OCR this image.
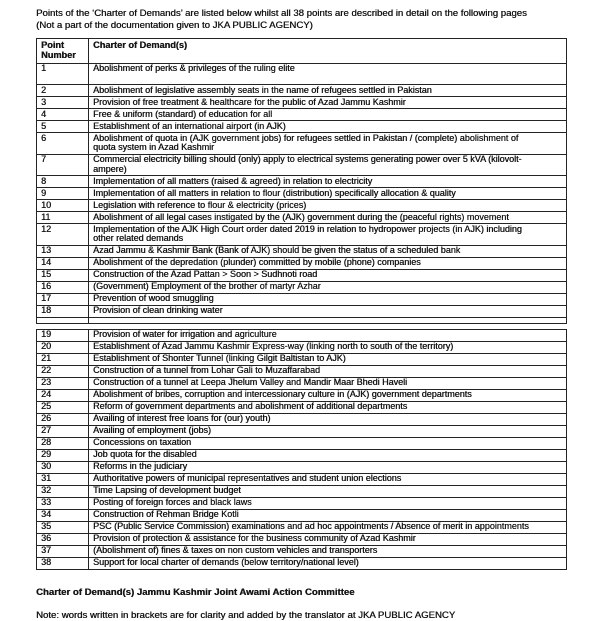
Points of the ‘Charter of Demands’ are listed below whilst all 38 points are described in detail on the following pages (Not a part of the documentation given to JKA PUBLIC AGENCY)

Point Number	Charter of Demand(s)
1	Abolishment of perks & privileges of the ruling elite
2	Abolishment of legislative assembly seats in the name of refugees settled in Pakistan
3	Provision of free treatment & healthcare for the public of Azad Jammu Kashmir
4	Free & uniform (standard) of education for all
5	Establishment of an international airport (in AJK)
6	Abolishment of quota in (AJK government jobs) for refugees settled in Pakistan / (complete) abolishment of quota system in Azad Kashmir
7	Commercial electricity billing should (only) apply to electrical systems generating power over 5 kVA (kilovolt-ampere)
8	Implementation of all matters (raised & agreed) in relation to electricity
9	Implementation of all matters in relation to flour (distribution) specifically allocation & quality
10	Legislation with reference to flour & electricity (prices)
11	Abolishment of all legal cases instigated by the (AJK) government during the (peaceful rights) movement
12	Implementation of the AJK High Court order dated 2019 in relation to hydropower projects (in AJK) including other related demands
13	Azad Jammu & Kashmir Bank (Bank of AJK) should be given the status of a scheduled bank
14	Abolishment of the depredation (plunder) committed by mobile (phone) companies
15	Construction of the Azad Pattan > Soon > Sudhnoti road
16	(Government) Employment of the brother of martyr Azhar
17	Prevention of wood smuggling
18	Provision of clean drinking water

19	Provision of water for irrigation and agriculture
20	Establishment of Azad Jammu Kashmir Express-way (linking north to south of the territory)
21	Establishment of Shonter Tunnel (linking Gilgit Baltistan to AJK)
22	Construction of a tunnel from Lohar Gali to Muzaffarabad
23	Construction of a tunnel at Leepa Jhelum Valley and Mandir Maar Bhedi Haveli
24	Abolishment of bribes, corruption and intercessionary culture in (AJK) government departments
25	Reform of government departments and abolishment of additional departments
26	Availing of interest free loans for (our) youth)
27	Availing of employment (jobs)
28	Concessions on taxation
29	Job quota for the disabled
30	Reforms in the judiciary
31	Authoritative powers of municipal representatives and student union elections
32	Time Lapsing of development budget
33	Posting of foreign forces and black laws
34	Construction of Rehman Bridge Kotli
35	PSC (Public Service Commission) examinations and ad hoc appointments / Absence of merit in appointments
36	Provision of protection & assistance for the business community of Azad Kashmir
37	(Abolishment of) fines & taxes on non custom vehicles and transporters
38	Support for local charter of demands (below territory/national level)

Charter of Demand(s) Jammu Kashmir Joint Awami Action Committee

Note: words written in brackets are for clarity and added by the translator at JKA PUBLIC AGENCY
